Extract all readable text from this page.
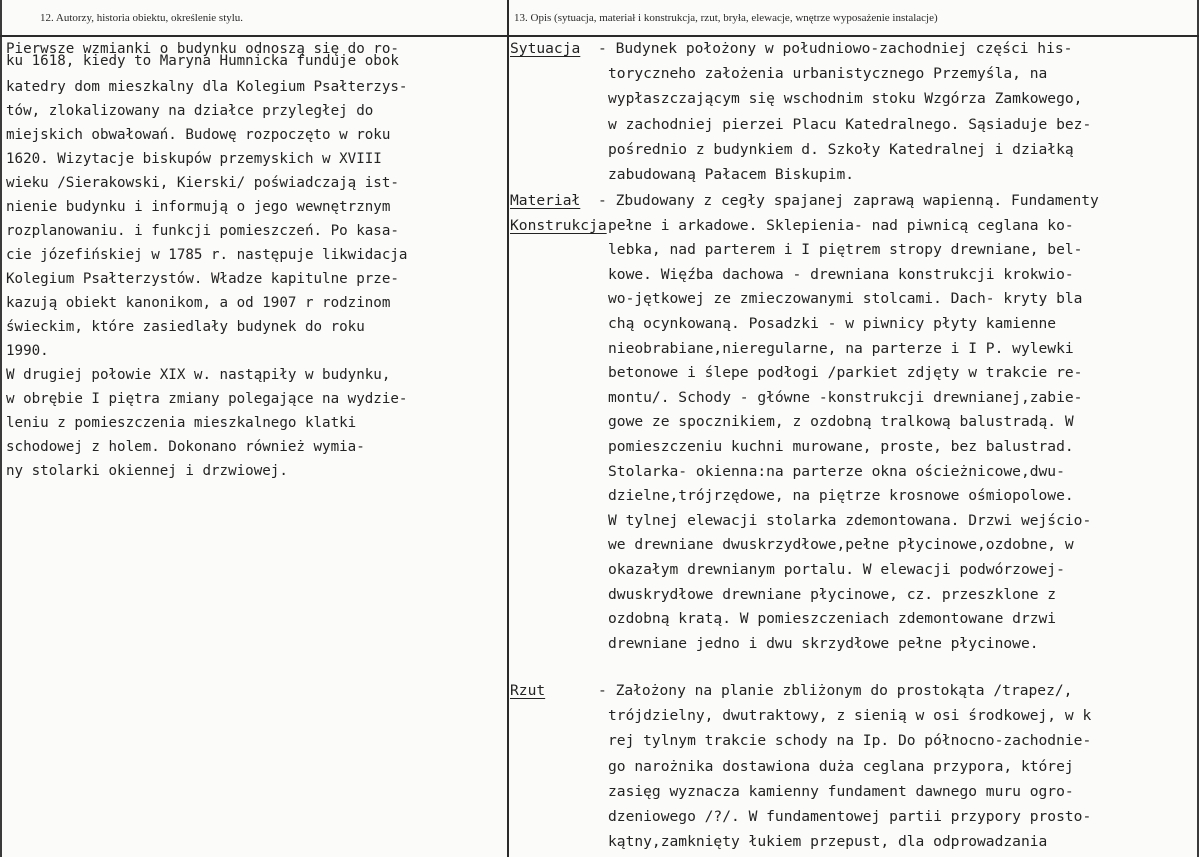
12. Autorzy, historia obiektu, określenie stylu.	13. Opis (sytuacja, materiał i konstrukcja, rzut, bryła, elewacje, wnętrze wyposażenie instalacje)
Pierwsze wzmianki o budynku odnoszą się do ro-
ku 1618, kiedy to Maryna Humnicka funduje obok
katedry dom mieszkalny dla Kolegium Psałterzys-
tów, zlokalizowany na działce przyległej do
miejskich obwałowań. Budowę rozpoczęto w roku
1620. Wizytacje biskupów przemyskich w XVIII
wieku /Sierakowski, Kierski/ poświadczają ist-
nienie budynku i informują o jego wewnętrznym
rozplanowaniu. i funkcji pomieszczeń. Po kasa-
cie józefińskiej w 1785 r. następuje likwidacja
Kolegium Psałterzystów. Władze kapitulne prze-
kazują obiekt kanonikom, a od 1907 r rodzinom
świeckim, które zasiedlały budynek do roku
1990.
W drugiej połowie XIX w. nastąpiły w budynku,
w obrębie I piętra zmiany polegające na wydzie-
leniu z pomieszczenia mieszkalnego klatki
schodowej z holem. Dokonano również wymia-
ny stolarki okiennej i drzwiowej.
Sytuacja - Budynek położony w południowo-zachodniej części his-
toryczneho założenia urbanistycznego Przemyśla, na
wypłaszczającym się wschodnim stoku Wzgórza Zamkowego,
w zachodniej pierzei Placu Katedralnego. Sąsiaduje bez-
pośrednio z budynkiem d. Szkoły Katedralnej i działką
zabudowaną Pałacem Biskupim.
Materiał
Konstrukcja
- Zbudowany z cegły spajanej zaprawą wapienną. Fundamenty
pełne i arkadowe. Sklepienia- nad piwnicą ceglana ko-
lebka, nad parterem i I piętrem stropy drewniane, bel-
kowe. Więźba dachowa - drewniana konstrukcji krokwio-
wo-jętkowej ze zmieczowanymi stolcami. Dach- kryty bla
chą ocynkowaną. Posadzki - w piwnicy płyty kamienne
nieobrabiane,nieregularne, na parterze i I P. wylewki
betonowe i ślepe podłogi /parkiet zdjęty w trakcie re-
montu/. Schody - główne -konstrukcji drewnianej,zabie-
gowe ze spocznikiem, z ozdobną tralkową balustradą. W
pomieszczeniu kuchni murowane, proste, bez balustrad.
Stolarka- okienna:na parterze okna ościeżnicowe,dwu-
dzielne,trójrzędowe, na piętrze krosnowe ośmiopolowe.
W tylnej elewacji stolarka zdemontowana. Drzwi wejścio-
we drewniane dwuskrzydłowe,pełne płycinowe,ozdobne, w
okazałym drewnianym portalu. W elewacji podwórzowej-
dwuskrydłowe drewniane płycinowe, cz. przeszklone z
ozdobną kratą. W pomieszczeniach zdemontowane drzwi
drewniane jedno i dwu skrzydłowe pełne płycinowe.
Rzut	- Założony na planie zbliżonym do prostokąta /trapez/,
trójdzielny, dwutraktowy, z sienią w osi środkowej, w k
rej tylnym trakcie schody na Ip. Do północno-zachodnie-
go narożnika dostawiona duża ceglana przypora, której
zasięg wyznacza kamienny fundament dawnego muru ogro-
dzeniowego /?/. W fundamentowej partii przypory prosto-
kątny,zamknięty łukiem przepust, dla odprowadzania
